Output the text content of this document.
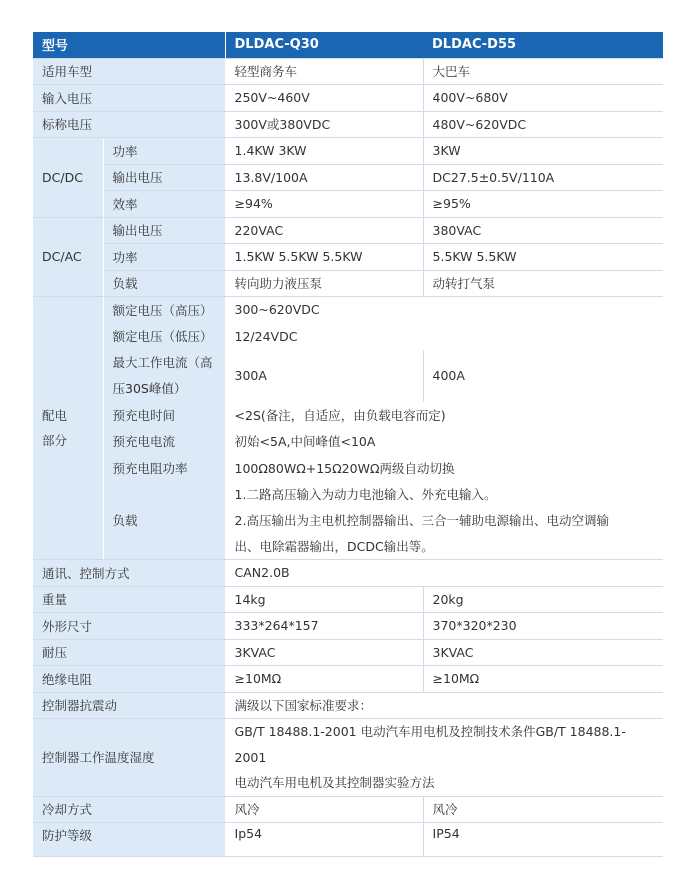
型号		DLDAC-Q30	DLDAC-D55
适用车型		轻型商务车	大巴车
输入电压		250V~460V	400V~680V
标称电压		300V或380VDC	480V~620VDC
DC/DC	功率	1.4KW 3KW	3KW
	输出电压	13.8V/100A	DC27.5±0.5V/110A
	效率	≥94%	≥95%
DC/AC	输出电压	220VAC	380VAC
	功率	1.5KW 5.5KW 5.5KW	5.5KW 5.5KW
	负载	转向助力液压泵	动转打气泵

配电
部分	额定电压（高压）	300~620VDC	
	额定电压（低压）	12/24VDC	

	最大工作电流（高
压30S峰值）	300A	400A

	预充电时间	<2S(备注，自适应，由负载电容而定)	
	预充电电流	初始<5A,中间峰值<10A	
	预充电阻功率	100Ω80WΩ+15Ω20WΩ两级自动切换	

	负载	1.二路高压输入为动力电池输入、外充电输入。	

		2.高压输出为主电机控制器输出、三合一辅助电源输出、电动空调输
出、电除霜器输出，DCDC输出等。	

通讯、控制方式		CAN2.0B	
重量		14kg	20kg
外形尺寸		333*264*157	370*320*230
耐压		3KVAC	3KVAC
绝缘电阻		≥10MΩ	≥10MΩ
控制器抗震动		满级以下国家标准要求：	

控制器工作温度湿度		GB/T 18488.1-2001 电动汽车用电机及控制技术条件GB/T 18488.1-
2001
电动汽车用电机及其控制器实验方法	

冷却方式		风冷	风冷
防护等级		Ip54	IP54
